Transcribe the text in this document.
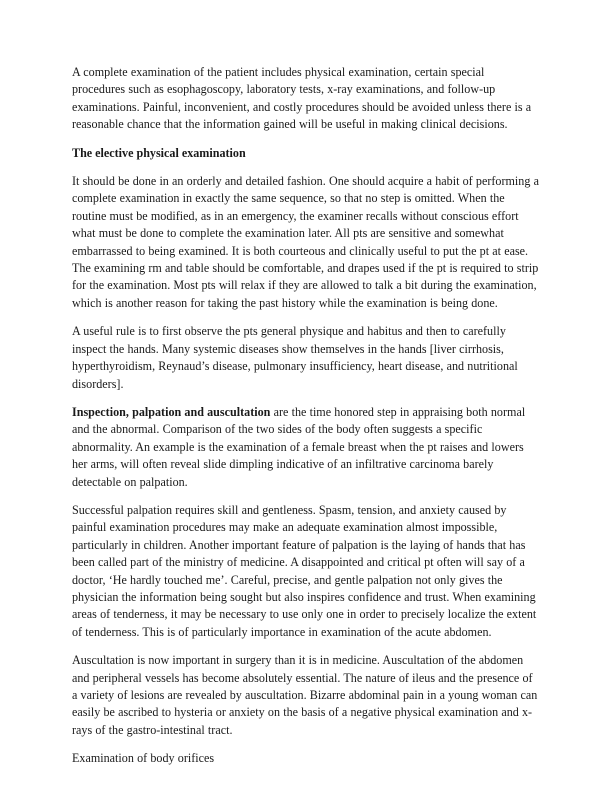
A complete examination of the patient includes physical examination, certain special procedures such as esophagoscopy, laboratory tests, x-ray examinations, and follow-up examinations. Painful, inconvenient, and costly procedures should be avoided unless there is a reasonable chance that the information gained will be useful in making clinical decisions.

The elective physical examination

It should be done in an orderly and detailed fashion. One should acquire a habit of performing a complete examination in exactly the same sequence, so that no step is omitted. When the routine must be modified, as in an emergency, the examiner recalls without conscious effort what must be done to complete the examination later. All pts are sensitive and somewhat embarrassed to being examined. It is both courteous and clinically useful to put the pt at ease. The examining rm and table should be comfortable, and drapes used if the pt is required to strip for the examination. Most pts will relax if they are allowed to talk a bit during the examination, which is another reason for taking the past history while the examination is being done.

A useful rule is to first observe the pts general physique and habitus and then to carefully inspect the hands. Many systemic diseases show themselves in the hands [liver cirrhosis, hyperthyroidism, Reynaud’s disease, pulmonary insufficiency, heart disease, and nutritional disorders].

Inspection, palpation and auscultation are the time honored step in appraising both normal and the abnormal. Comparison of the two sides of the body often suggests a specific abnormality. An example is the examination of a female breast when the pt raises and lowers her arms, will often reveal slide dimpling indicative of an infiltrative carcinoma barely detectable on palpation.

Successful palpation requires skill and gentleness. Spasm, tension, and anxiety caused by painful examination procedures may make an adequate examination almost impossible, particularly in children. Another important feature of palpation is the laying of hands that has been called part of the ministry of medicine. A disappointed and critical pt often will say of a doctor, ‘He hardly touched me’. Careful, precise, and gentle palpation not only gives the physician the information being sought but also inspires confidence and trust. When examining areas of tenderness, it may be necessary to use only one in order to precisely localize the extent of tenderness. This is of particularly importance in examination of the acute abdomen.

Auscultation is now important in surgery than it is in medicine. Auscultation of the abdomen and peripheral vessels has become absolutely essential. The nature of ileus and the presence of a variety of lesions are revealed by auscultation. Bizarre abdominal pain in a young woman can easily be ascribed to hysteria or anxiety on the basis of a negative physical examination and x-rays of the gastro-intestinal tract.

Examination of body orifices
